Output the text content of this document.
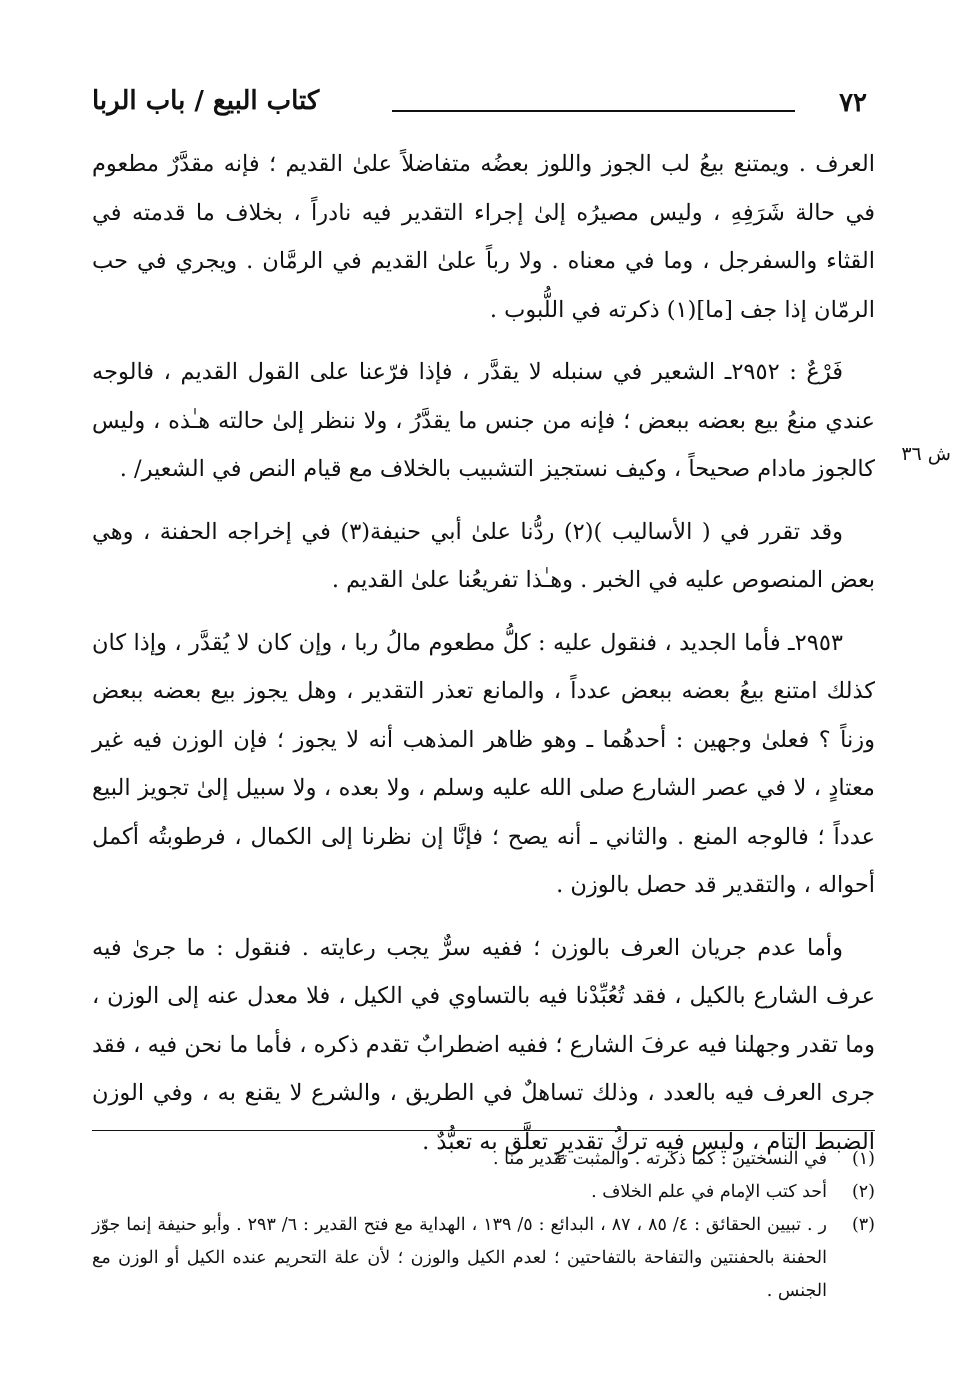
٧٢
كتاب البيع / باب الربا

العرف . ويمتنع بيعُ لب الجوز واللوز بعضُه متفاضلاً علىٰ القديم ؛ فإنه مقدَّرٌ مطعوم في حالة شَرَفِهِ ، وليس مصيرُه إلىٰ إجراء التقدير فيه نادراً ، بخلاف ما قدمته في القثاء والسفرجل ، وما في معناه . ولا رباً علىٰ القديم في الرمَّان . ويجري في حب الرمّان إذا جف [ما](١) ذكرته في اللُّبوب .

فَرْعٌ : ٢٩٥٢ـ الشعير في سنبله لا يقدَّر ، فإذا فرّعنا على القول القديم ، فالوجه عندي منعُ بيع بعضه ببعض ؛ فإنه من جنس ما يقدَّرُ ، ولا ننظر إلىٰ حالته هـٰذه ، وليس كالجوز مادام صحيحاً ، وكيف نستجيز التشبيب بالخلاف مع قيام النص في الشعير/ .

وقد تقرر في ( الأساليب )(٢) ردُّنا علىٰ أبي حنيفة(٣) في إخراجه الحفنة ، وهي بعض المنصوص عليه في الخبر . وهـٰذا تفريعُنا علىٰ القديم .

٢٩٥٣ـ فأما الجديد ، فنقول عليه : كلُّ مطعوم مالُ ربا ، وإن كان لا يُقدَّر ، وإذا كان كذلك امتنع بيعُ بعضه ببعض عدداً ، والمانع تعذر التقدير ، وهل يجوز بيع بعضه ببعض وزناً ؟ فعلىٰ وجهين : أحدهُما ـ وهو ظاهر المذهب أنه لا يجوز ؛ فإن الوزن فيه غير معتادٍ ، لا في عصر الشارع صلى الله عليه وسلم ، ولا بعده ، ولا سبيل إلىٰ تجويز البيع عدداً ؛ فالوجه المنع . والثاني ـ أنه يصح ؛ فإنَّا إن نظرنا إلى الكمال ، فرطوبتُه أكمل أحواله ، والتقدير قد حصل بالوزن .

وأما عدم جريان العرف بالوزن ؛ ففيه سرٌّ يجب رعايته . فنقول : ما جرىٰ فيه عرف الشارع بالكيل ، فقد تُعُبِّدْنا فيه بالتساوي في الكيل ، فلا معدل عنه إلى الوزن ، وما تقدر وجهلنا فيه عرفَ الشارع ؛ ففيه اضطرابٌ تقدم ذكره ، فأما ما نحن فيه ، فقد جرى العرف فيه بالعدد ، وذلك تساهلٌ في الطريق ، والشرع لا يقنع به ، وفي الوزن الضبط التام ، وليس فيه تركُ تقديرٍ تعلَّق به تعبُّدٌ .

ش ٣٦
(١)
في النسختين : كما ذكرته . والمثبت تقدير منا .
(٢)
أحد كتب الإمام في علم الخلاف .
(٣)
ر . تبيين الحقائق : ٤/ ٨٥ ، ٨٧ ، البدائع : ٥/ ١٣٩ ، الهداية مع فتح القدير : ٦/ ٢٩٣ . وأبو حنيفة إنما جوّز الحفنة بالحفنتين والتفاحة بالتفاحتين ؛ لعدم الكيل والوزن ؛ لأن علة التحريم عنده الكيل أو الوزن مع الجنس .
